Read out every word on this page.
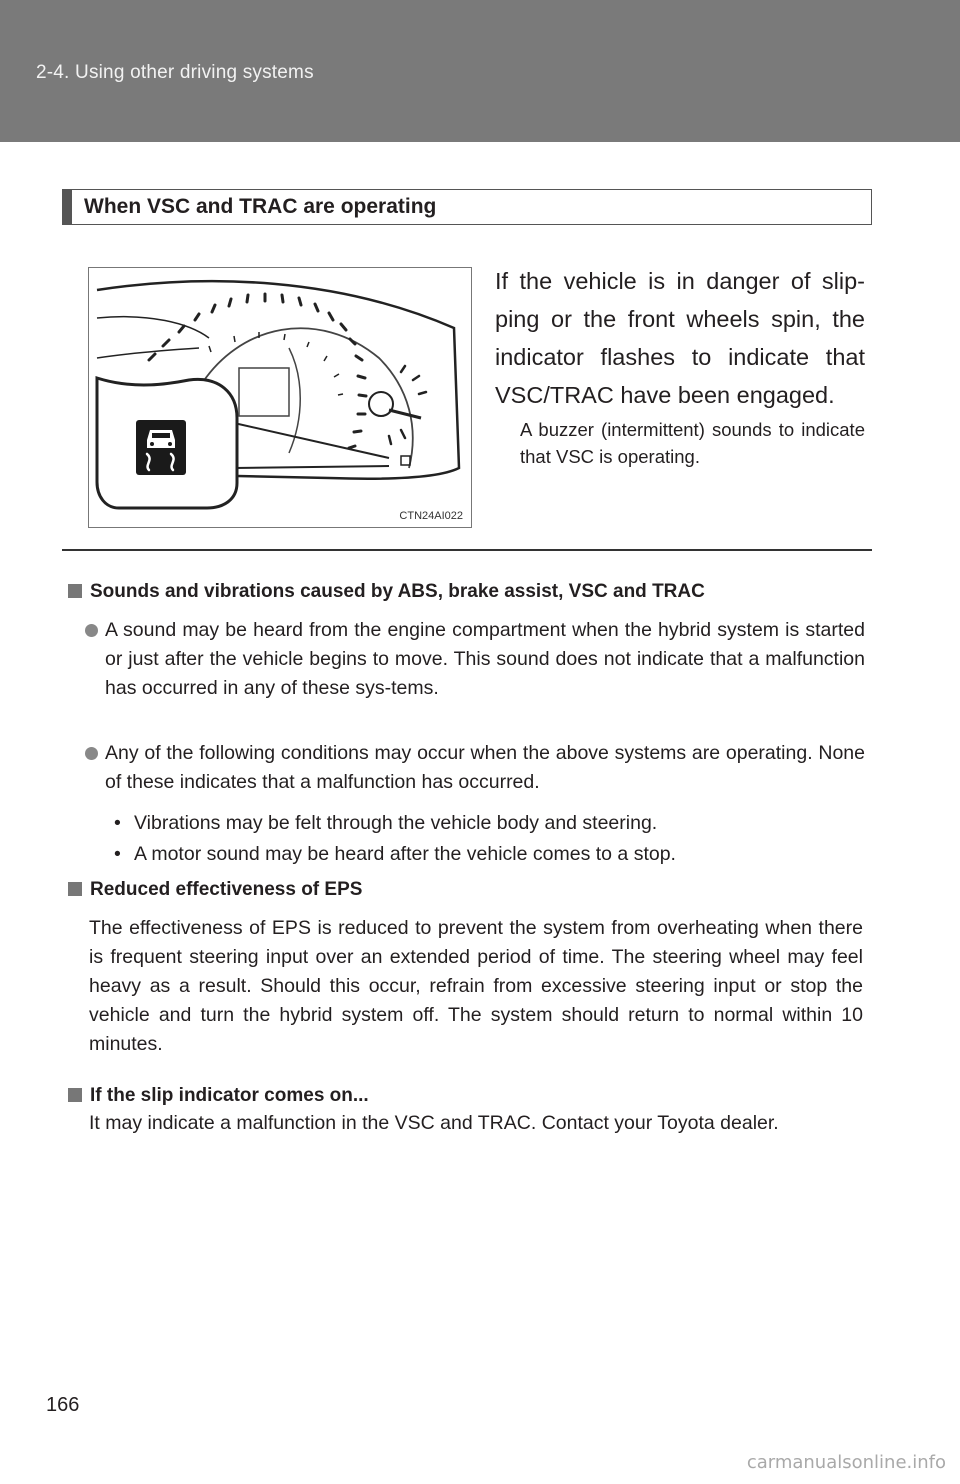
2-4. Using other driving systems
When VSC and TRAC are operating
CTN24AI022
If the vehicle is in danger of slip-ping or the front wheels spin, the indicator flashes to indicate that VSC/TRAC have been engaged.
A buzzer (intermittent) sounds to indicate that VSC is operating.
Sounds and vibrations caused by ABS, brake assist, VSC and TRAC
A sound may be heard from the engine compartment when the hybrid system is started or just after the vehicle begins to move. This sound does not indicate that a malfunction has occurred in any of these sys-tems.
Any of the following conditions may occur when the above systems are operating. None of these indicates that a malfunction has occurred.
• Vibrations may be felt through the vehicle body and steering.
• A motor sound may be heard after the vehicle comes to a stop.
Reduced effectiveness of EPS
The effectiveness of EPS is reduced to prevent the system from overheating when there is frequent steering input over an extended period of time. The steering wheel may feel heavy as a result. Should this occur, refrain from excessive steering input or stop the vehicle and turn the hybrid system off. The system should return to normal within 10 minutes.
If the slip indicator comes on...
It may indicate a malfunction in the VSC and TRAC. Contact your Toyota dealer.
166
carmanualsonline.info
